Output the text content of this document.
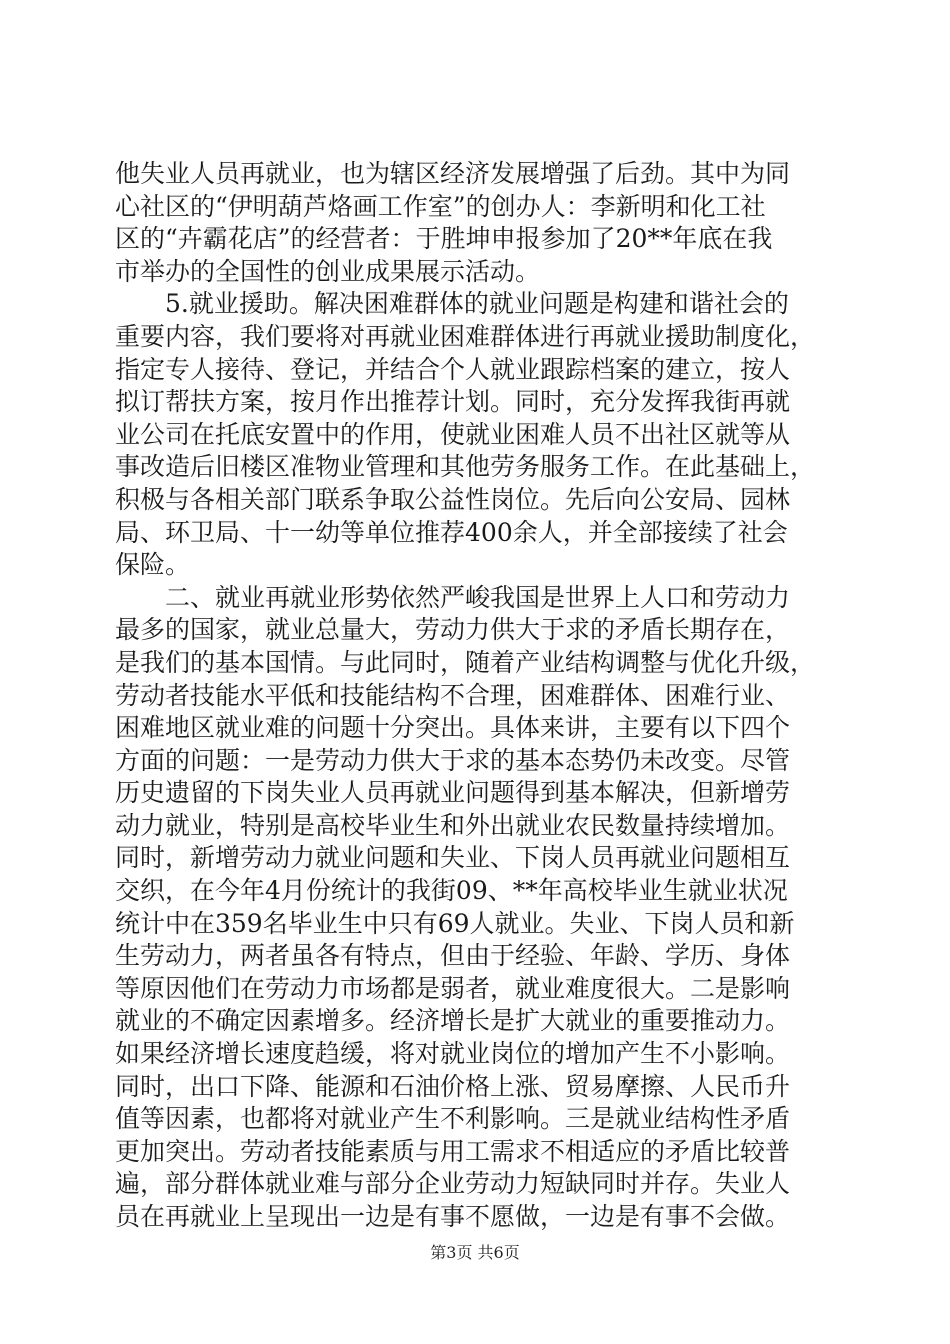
他失业人员再就业，也为辖区经济发展增强了后劲。其中为同
心社区的“伊明葫芦烙画工作室”的创办人：李新明和化工社
区的“卉霸花店”的经营者：于胜坤申报参加了20**年底在我
市举办的全国性的创业成果展示活动。
　　5.就业援助。解决困难群体的就业问题是构建和谐社会的
重要内容，我们要将对再就业困难群体进行再就业援助制度化，
指定专人接待、登记，并结合个人就业跟踪档案的建立，按人
拟订帮扶方案，按月作出推荐计划。同时，充分发挥我街再就
业公司在托底安置中的作用，使就业困难人员不出社区就等从
事改造后旧楼区准物业管理和其他劳务服务工作。在此基础上，
积极与各相关部门联系争取公益性岗位。先后向公安局、园林
局、环卫局、十一幼等单位推荐400余人，并全部接续了社会
保险。
　　二、就业再就业形势依然严峻我国是世界上人口和劳动力
最多的国家，就业总量大，劳动力供大于求的矛盾长期存在，
是我们的基本国情。与此同时，随着产业结构调整与优化升级，
劳动者技能水平低和技能结构不合理，困难群体、困难行业、
困难地区就业难的问题十分突出。具体来讲，主要有以下四个
方面的问题：一是劳动力供大于求的基本态势仍未改变。尽管
历史遗留的下岗失业人员再就业问题得到基本解决，但新增劳
动力就业，特别是高校毕业生和外出就业农民数量持续增加。
同时，新增劳动力就业问题和失业、下岗人员再就业问题相互
交织，在今年4月份统计的我街09、**年高校毕业生就业状况
统计中在359名毕业生中只有69人就业。失业、下岗人员和新
生劳动力，两者虽各有特点，但由于经验、年龄、学历、身体
等原因他们在劳动力市场都是弱者，就业难度很大。二是影响
就业的不确定因素增多。经济增长是扩大就业的重要推动力。
如果经济增长速度趋缓，将对就业岗位的增加产生不小影响。
同时，出口下降、能源和石油价格上涨、贸易摩擦、人民币升
值等因素，也都将对就业产生不利影响。三是就业结构性矛盾
更加突出。劳动者技能素质与用工需求不相适应的矛盾比较普
遍，部分群体就业难与部分企业劳动力短缺同时并存。失业人
员在再就业上呈现出一边是有事不愿做，一边是有事不会做。
第3页 共6页
